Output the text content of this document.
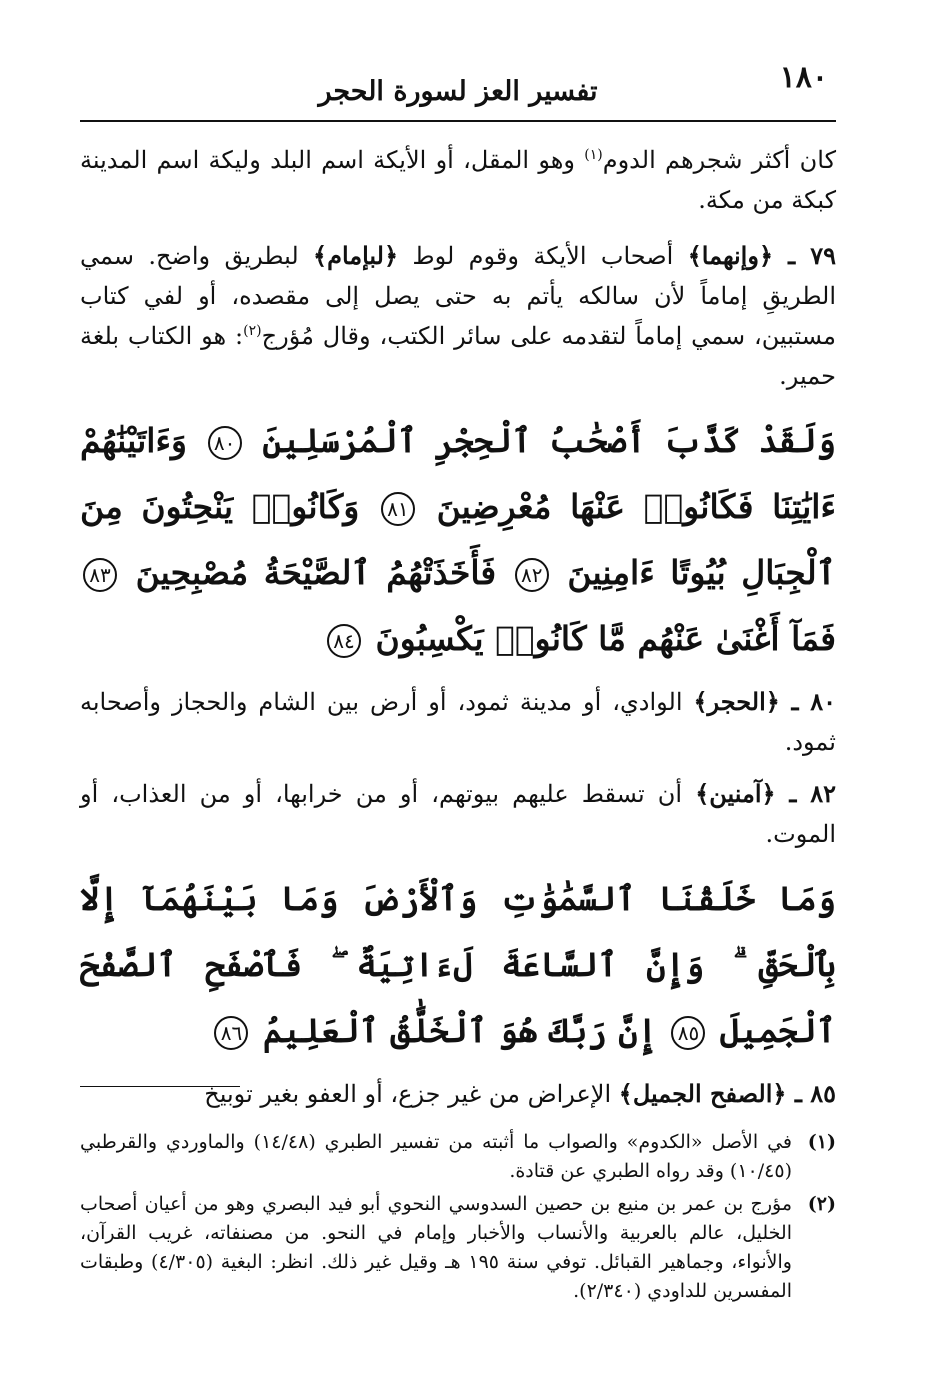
١٨٠
تفسير العز لسورة الحجر

كان أكثر شجرهم الدوم$^{(١)}$ وهو المقل، أو الأيكة اسم البلد وليكة اسم المدينة كبكة من مكة.

٧٩ ـ ﴿وإنهما﴾ أصحاب الأيكة وقوم لوط ﴿لبإمام﴾ لبطريق واضح. سمي الطريقِ إماماً لأن سالكه يأتم به حتى يصل إلى مقصده، أو لفي كتاب مستبين، سمي إماماً لتقدمه على سائر الكتب، وقال مُؤرج$^{(٢)}$: هو الكتاب بلغة حمير.

وَلَقَدْ كَذَّبَ أَصْحَٰبُ ٱلْحِجْرِ ٱلْمُرْسَلِينَ ٨٠ وَءَاتَيْنَٰهُمْ ءَايَٰتِنَا فَكَانُوا۟ عَنْهَا مُعْرِضِينَ ٨١ وَكَانُوا۟ يَنْحِتُونَ مِنَ ٱلْجِبَالِ بُيُوتًا ءَامِنِينَ ٨٢ فَأَخَذَتْهُمُ ٱلصَّيْحَةُ مُصْبِحِينَ ٨٣ فَمَآ أَغْنَىٰ عَنْهُم مَّا كَانُوا۟ يَكْسِبُونَ ٨٤

٨٠ ـ ﴿الحجر﴾ الوادي، أو مدينة ثمود، أو أرض بين الشام والحجاز وأصحابه ثمود.

٨٢ ـ ﴿آمنين﴾ أن تسقط عليهم بيوتهم، أو من خرابها، أو من العذاب، أو الموت.

وَمَا خَلَقْنَا ٱلسَّمَٰوَٰتِ وَٱلْأَرْضَ وَمَا بَيْنَهُمَآ إِلَّا بِٱلْحَقِّ ۗ وَإِنَّ ٱلسَّاعَةَ لَءَاتِيَةٌ ۖ فَٱصْفَحِ ٱلصَّفْحَ ٱلْجَمِيلَ ٨٥ إِنَّ رَبَّكَ هُوَ ٱلْخَلَّٰقُ ٱلْعَلِيمُ ٨٦

٨٥ ـ ﴿الصفح الجميل﴾ الإعراض من غير جزع، أو العفو بغير توبيخ

(١)
في الأصل «الكدوم» والصواب ما أثبته من تفسير الطبري (١٤/٤٨) والماوردي والقرطبي (١٠/٤٥) وقد رواه الطبري عن قتادة.
(٢)
مؤرج بن عمر بن منيع بن حصين السدوسي النحوي أبو فيد البصري وهو من أعيان أصحاب الخليل، عالم بالعربية والأنساب والأخبار وإمام في النحو. من مصنفاته، غريب القرآن، والأنواء، وجماهير القبائل. توفي سنة ١٩٥ هـ وقيل غير ذلك. انظر: البغية (٤/٣٠٥) وطبقات المفسرين للداودي (٢/٣٤٠).
